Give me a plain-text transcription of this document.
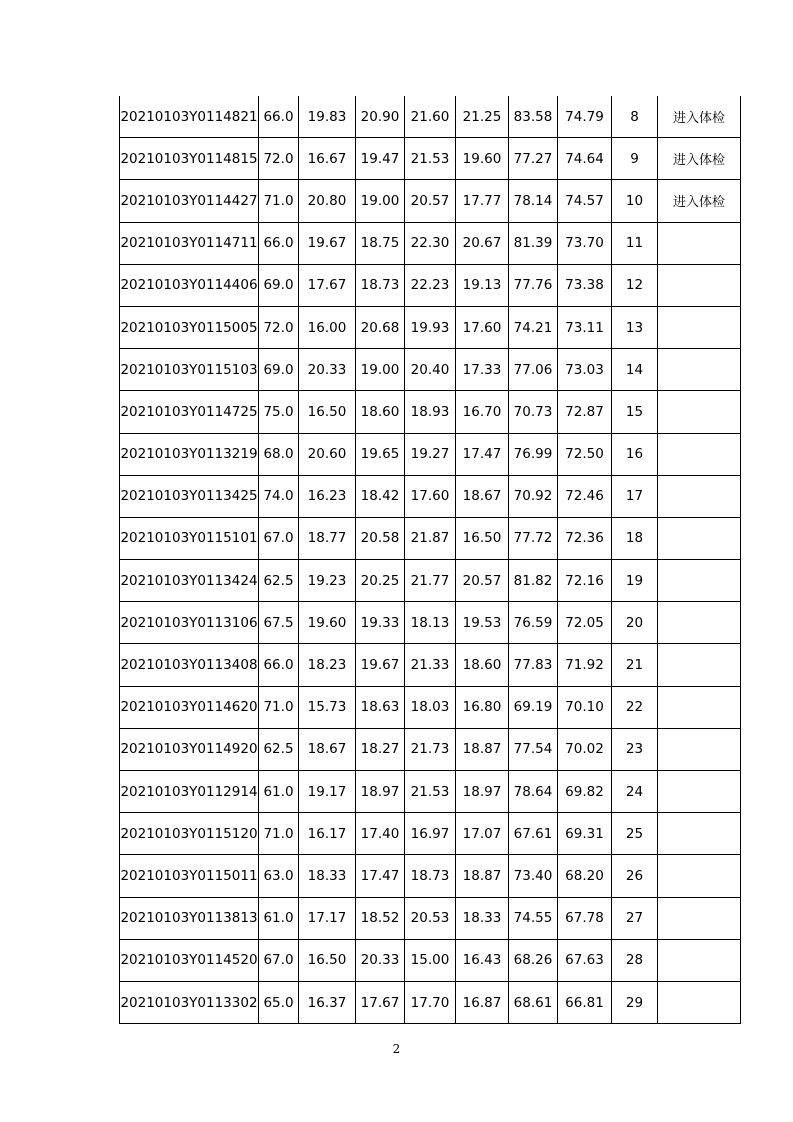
20210103Y0114821	66.0	19.83	20.90	21.60	21.25	83.58	74.79	8	进入体检
20210103Y0114815	72.0	16.67	19.47	21.53	19.60	77.27	74.64	9	进入体检
20210103Y0114427	71.0	20.80	19.00	20.57	17.77	78.14	74.57	10	进入体检
20210103Y0114711	66.0	19.67	18.75	22.30	20.67	81.39	73.70	11	
20210103Y0114406	69.0	17.67	18.73	22.23	19.13	77.76	73.38	12	
20210103Y0115005	72.0	16.00	20.68	19.93	17.60	74.21	73.11	13	
20210103Y0115103	69.0	20.33	19.00	20.40	17.33	77.06	73.03	14	
20210103Y0114725	75.0	16.50	18.60	18.93	16.70	70.73	72.87	15	
20210103Y0113219	68.0	20.60	19.65	19.27	17.47	76.99	72.50	16	
20210103Y0113425	74.0	16.23	18.42	17.60	18.67	70.92	72.46	17	
20210103Y0115101	67.0	18.77	20.58	21.87	16.50	77.72	72.36	18	
20210103Y0113424	62.5	19.23	20.25	21.77	20.57	81.82	72.16	19	
20210103Y0113106	67.5	19.60	19.33	18.13	19.53	76.59	72.05	20	
20210103Y0113408	66.0	18.23	19.67	21.33	18.60	77.83	71.92	21	
20210103Y0114620	71.0	15.73	18.63	18.03	16.80	69.19	70.10	22	
20210103Y0114920	62.5	18.67	18.27	21.73	18.87	77.54	70.02	23	
20210103Y0112914	61.0	19.17	18.97	21.53	18.97	78.64	69.82	24	
20210103Y0115120	71.0	16.17	17.40	16.97	17.07	67.61	69.31	25	
20210103Y0115011	63.0	18.33	17.47	18.73	18.87	73.40	68.20	26	
20210103Y0113813	61.0	17.17	18.52	20.53	18.33	74.55	67.78	27	
20210103Y0114520	67.0	16.50	20.33	15.00	16.43	68.26	67.63	28	
20210103Y0113302	65.0	16.37	17.67	17.70	16.87	68.61	66.81	29	
2
